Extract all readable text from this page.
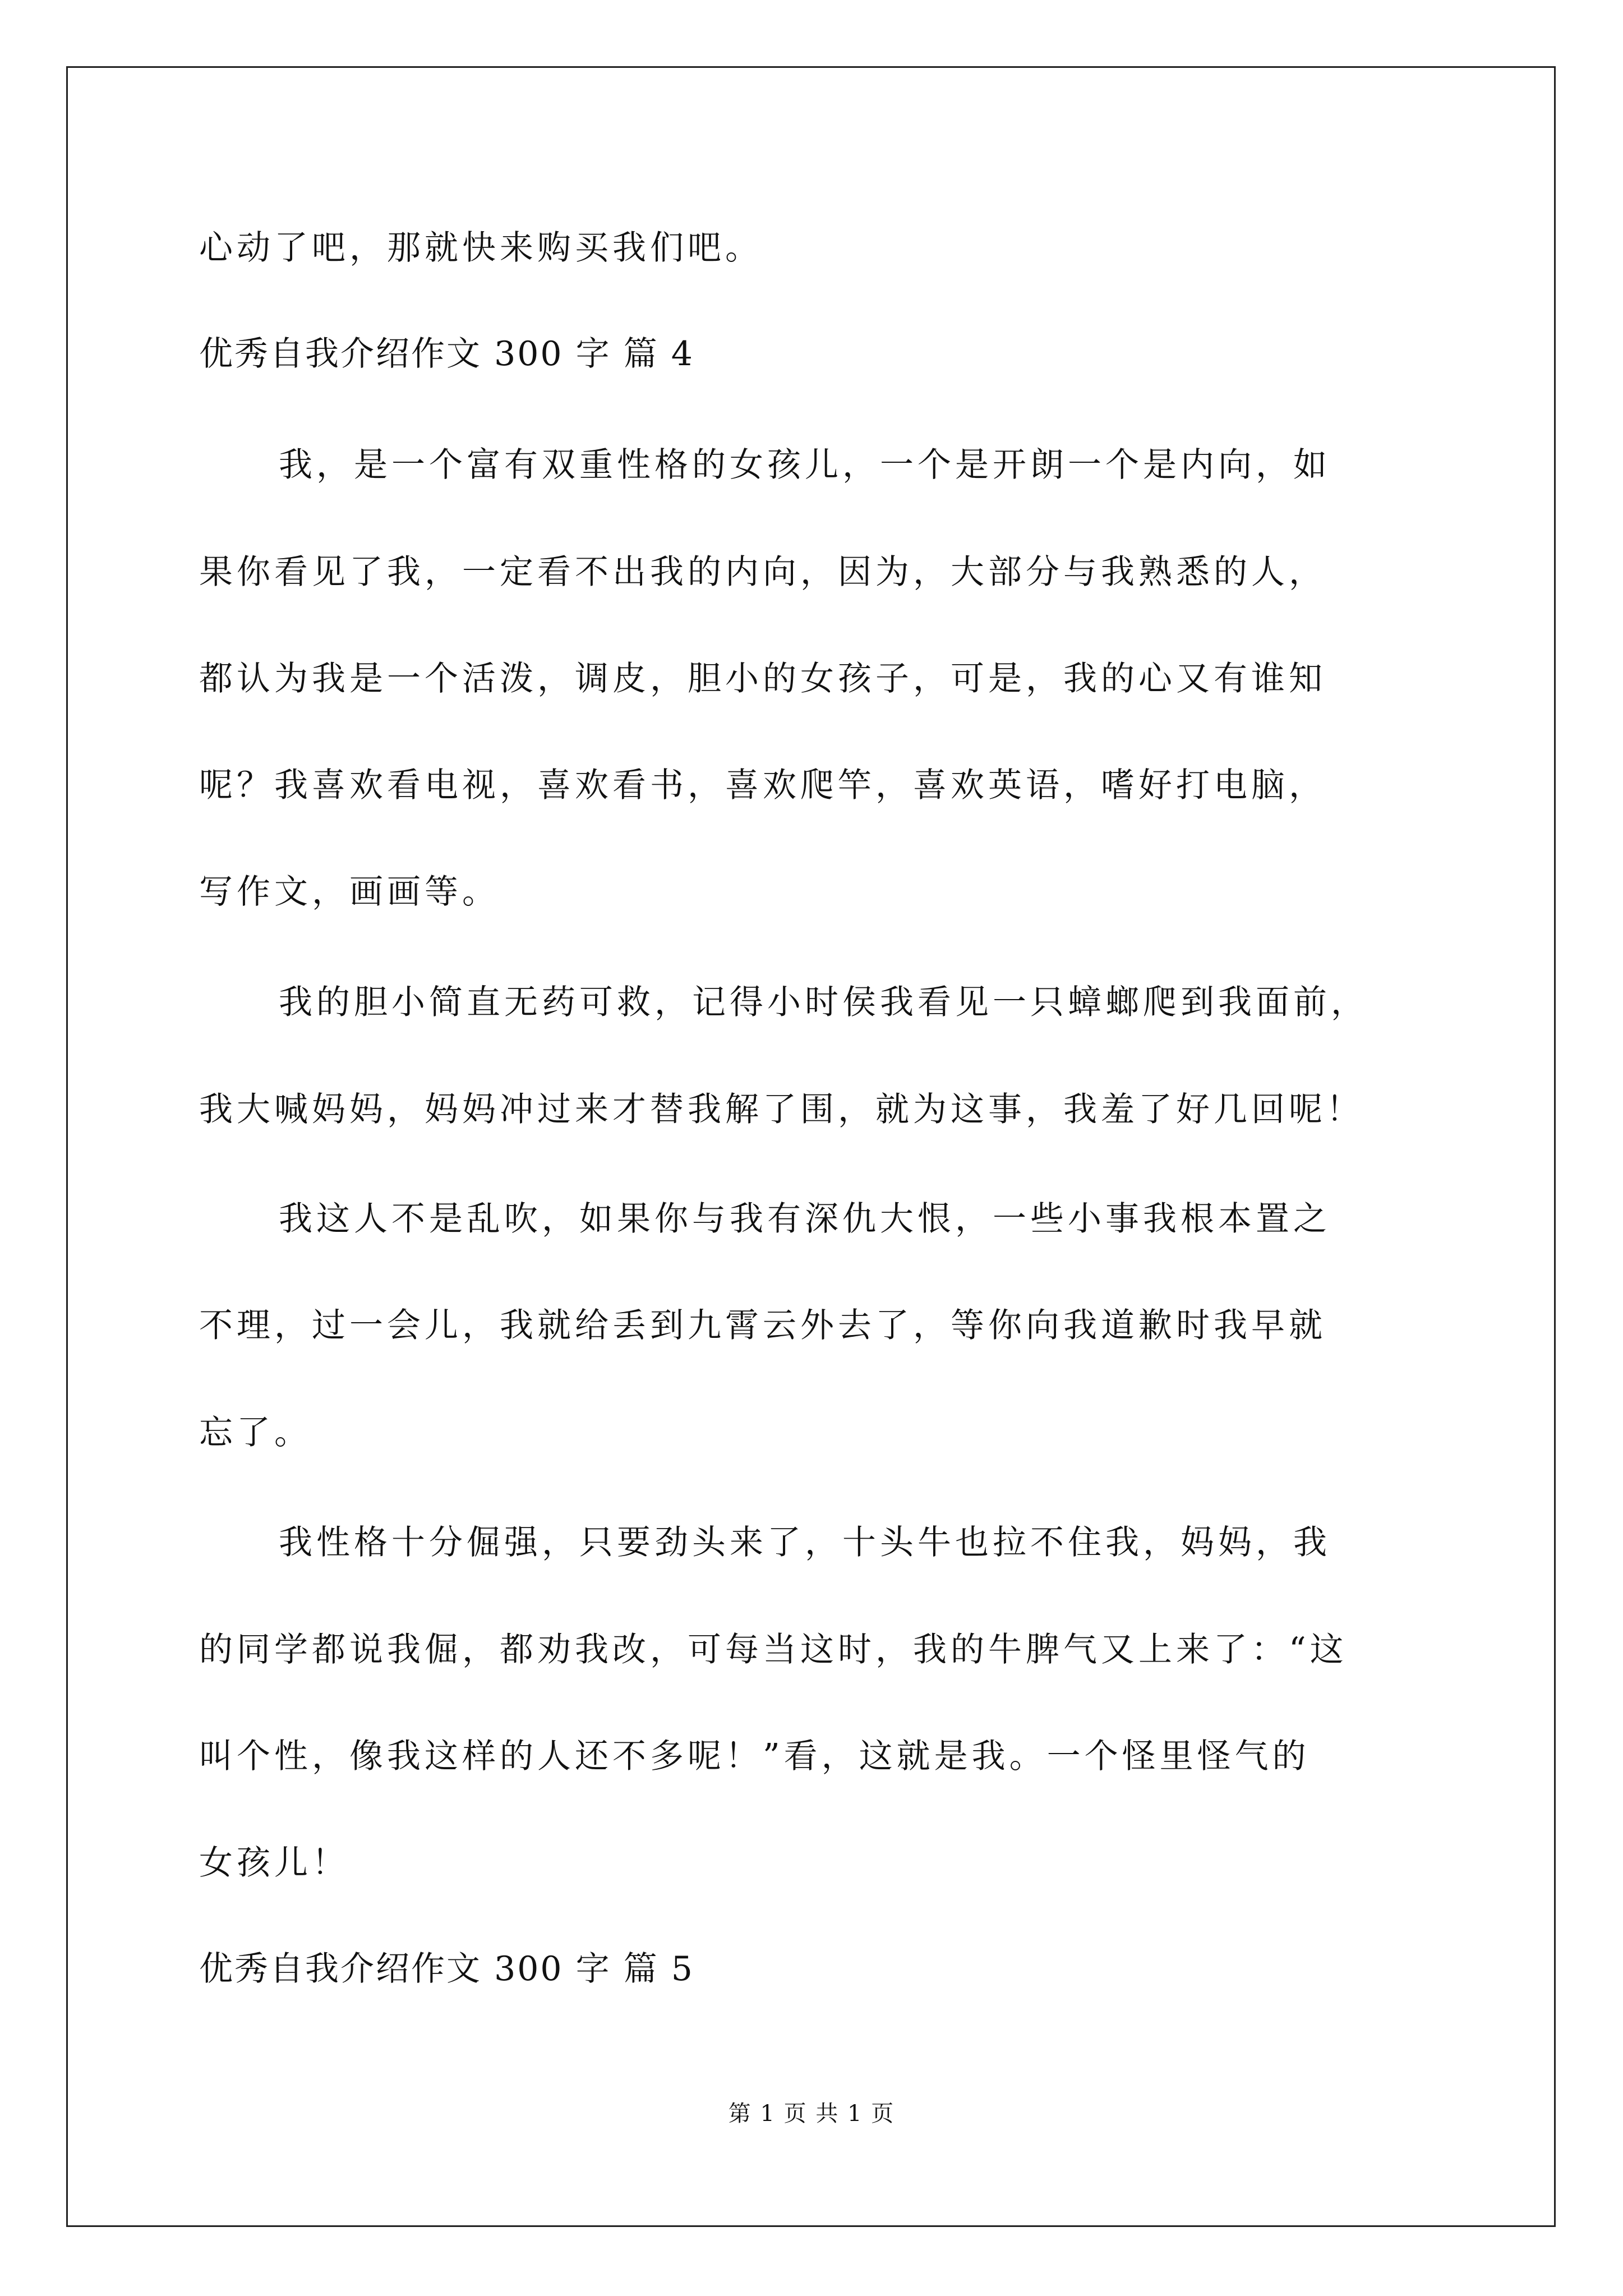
心动了吧，那就快来购买我们吧。
优秀自我介绍作文 300 字 篇 4
我，是一个富有双重性格的女孩儿，一个是开朗一个是内向，如
果你看见了我，一定看不出我的内向，因为，大部分与我熟悉的人，
都认为我是一个活泼，调皮，胆小的女孩子，可是，我的心又有谁知
呢？我喜欢看电视，喜欢看书，喜欢爬竿，喜欢英语，嗜好打电脑，
写作文，画画等。
我的胆小简直无药可救，记得小时侯我看见一只蟑螂爬到我面前，
我大喊妈妈，妈妈冲过来才替我解了围，就为这事，我羞了好几回呢！
我这人不是乱吹，如果你与我有深仇大恨，一些小事我根本置之
不理，过一会儿，我就给丢到九霄云外去了，等你向我道歉时我早就
忘了。
我性格十分倔强，只要劲头来了，十头牛也拉不住我，妈妈，我
的同学都说我倔，都劝我改，可每当这时，我的牛脾气又上来了：“这
叫个性，像我这样的人还不多呢！”看，这就是我。一个怪里怪气的
女孩儿！
优秀自我介绍作文 300 字 篇 5
第 1 页 共 1 页
